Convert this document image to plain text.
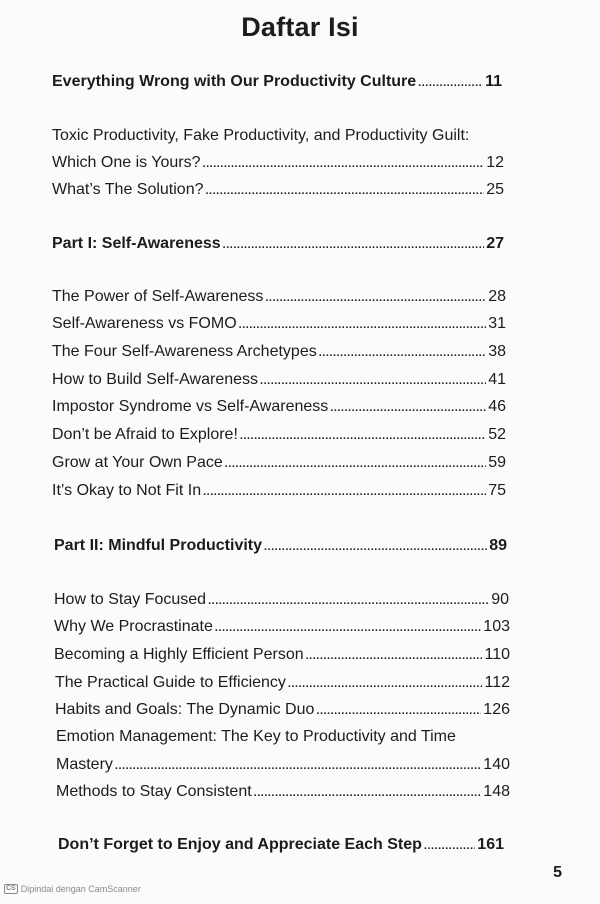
Daftar Isi
Everything Wrong with Our Productivity Culture .....	11
Toxic Productivity, Fake Productivity, and Productivity Guilt:
Which One is Yours? .....	12
What’s The Solution? .....	25
Part I: Self-Awareness .....	27
The Power of Self-Awareness .....	28
Self-Awareness vs FOMO .....	31
The Four Self-Awareness Archetypes .....	38
How to Build Self-Awareness .....	41
Impostor Syndrome vs Self-Awareness .....	46
Don’t be Afraid to Explore! .....	52
Grow at Your Own Pace .....	59
It’s Okay to Not Fit In .....	75
Part II: Mindful Productivity .....	89
How to Stay Focused .....	90
Why We Procrastinate .....	103
Becoming a Highly Efficient Person .....	110
The Practical Guide to Efficiency .....	112
Habits and Goals: The Dynamic Duo .....	126
Emotion Management: The Key to Productivity and Time
Mastery .....	140
Methods to Stay Consistent .....	148
Don’t Forget to Enjoy and Appreciate Each Step .....	161
5
CS Dipindai dengan CamScanner
